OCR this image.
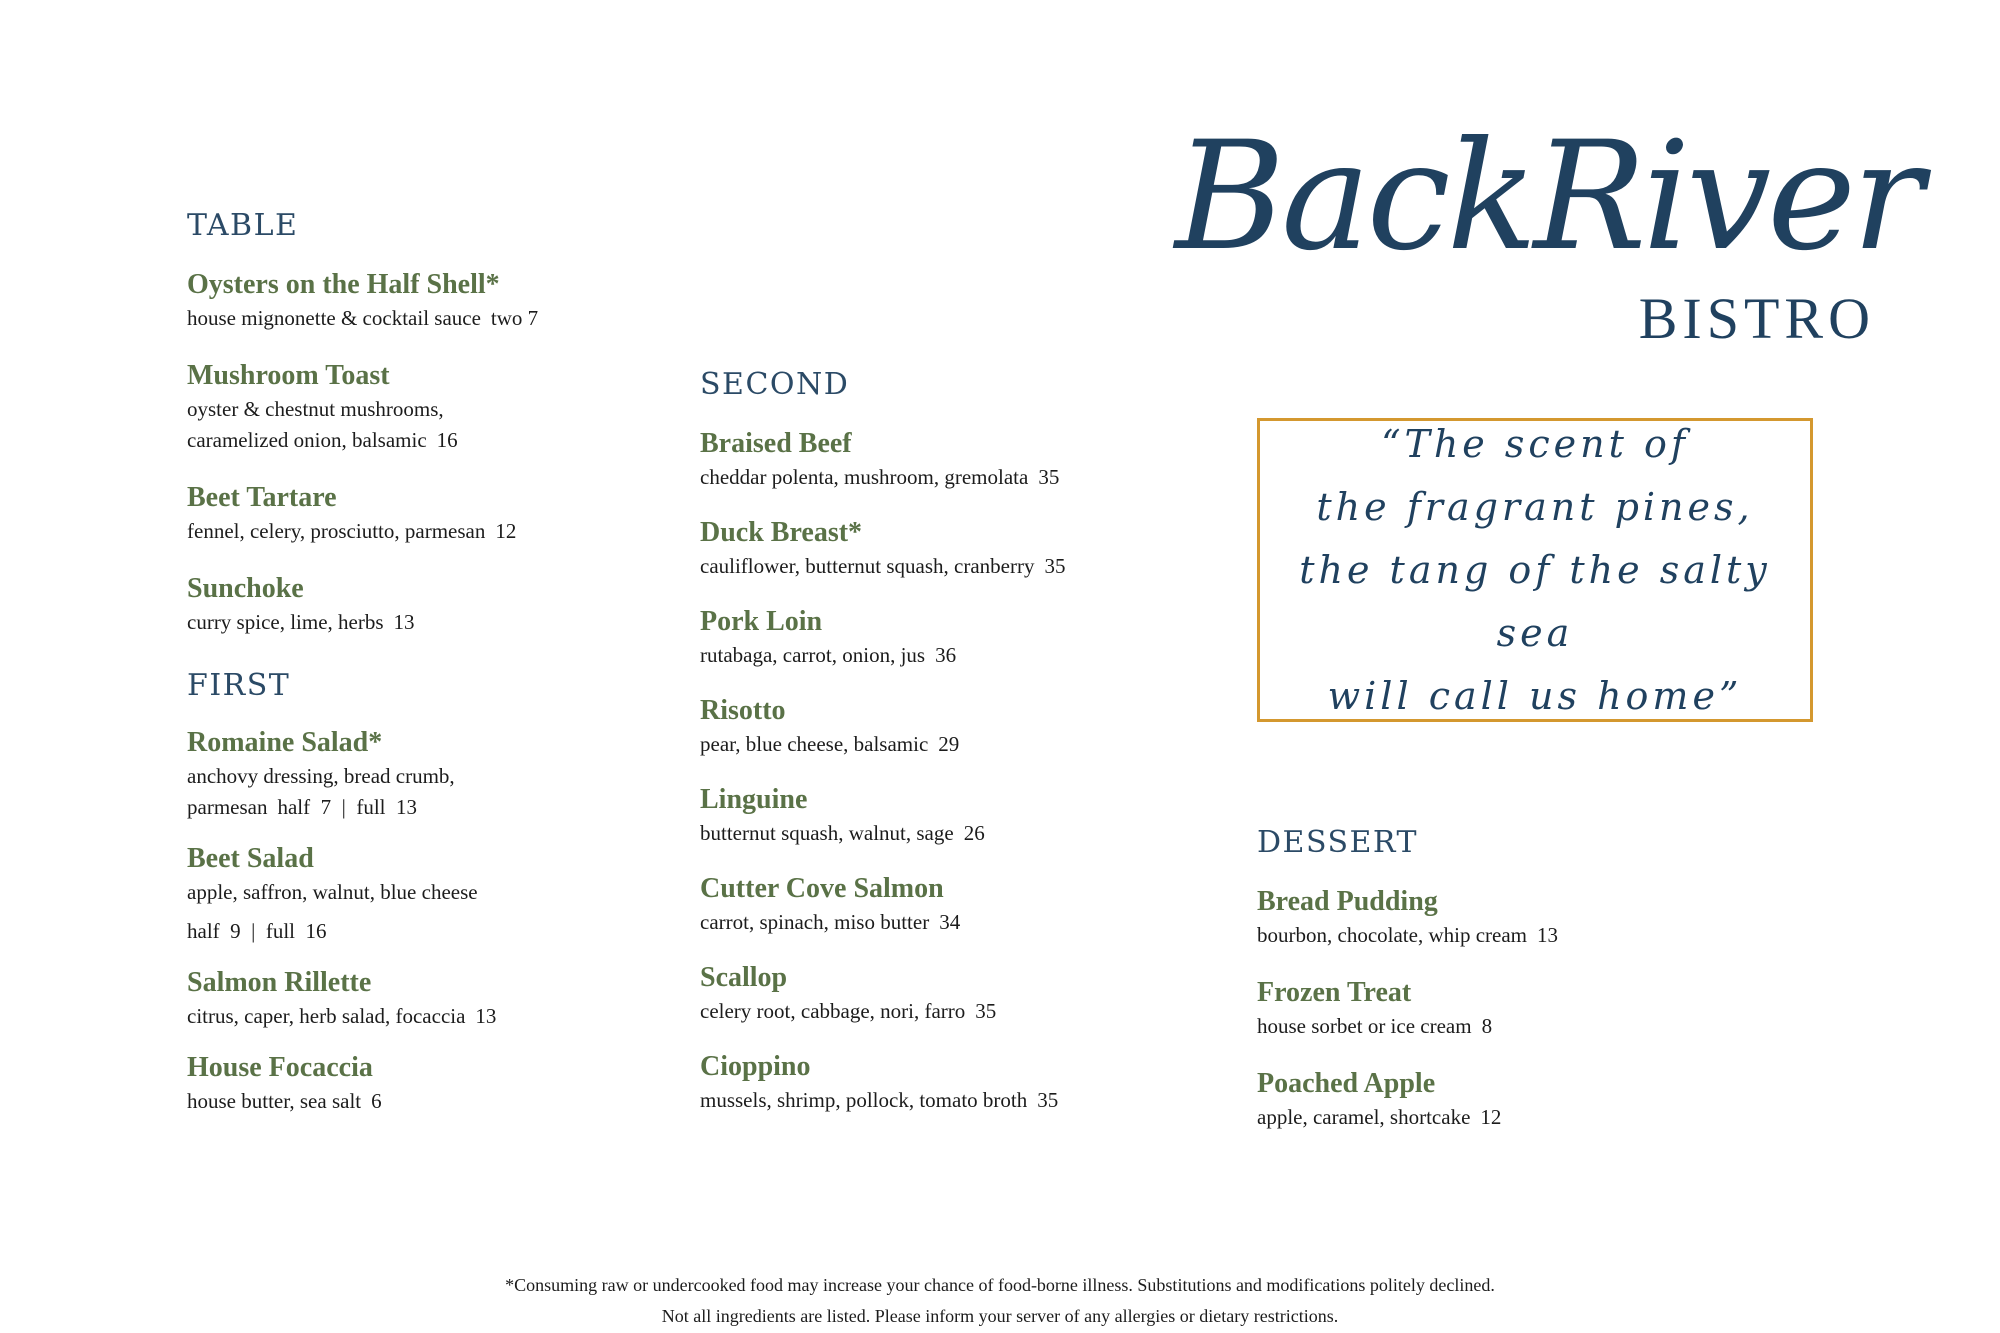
BackRiver
BISTRO
“The scent of
the fragrant pines,
the tang of the salty sea
will call us home”
TABLE
Oysters on the Half Shell*
house mignonette & cocktail sauce two 7
Mushroom Toast
oyster & chestnut mushrooms,
caramelized onion, balsamic 16
Beet Tartare
fennel, celery, prosciutto, parmesan 12
Sunchoke
curry spice, lime, herbs 13
FIRST
Romaine Salad*
anchovy dressing, bread crumb,
parmesan half  7  |  full  13
Beet Salad
apple, saffron, walnut, blue cheese
half  9  |  full  16
Salmon Rillette
citrus, caper, herb salad, focaccia 13
House Focaccia
house butter, sea salt 6
SECOND
Braised Beef
cheddar polenta, mushroom, gremolata 35
Duck Breast*
cauliflower, butternut squash, cranberry 35
Pork Loin
rutabaga, carrot, onion, jus 36
Risotto
pear, blue cheese, balsamic 29
Linguine
butternut squash, walnut, sage 26
Cutter Cove Salmon
carrot, spinach, miso butter 34
Scallop
celery root, cabbage, nori, farro 35
Cioppino
mussels, shrimp, pollock, tomato broth 35
DESSERT
Bread Pudding
bourbon, chocolate, whip cream 13
Frozen Treat
house sorbet or ice cream 8
Poached Apple
apple, caramel, shortcake 12
*Consuming raw or undercooked food may increase your chance of food-borne illness. Substitutions and modifications politely declined.
Not all ingredients are listed. Please inform your server of any allergies or dietary restrictions.
